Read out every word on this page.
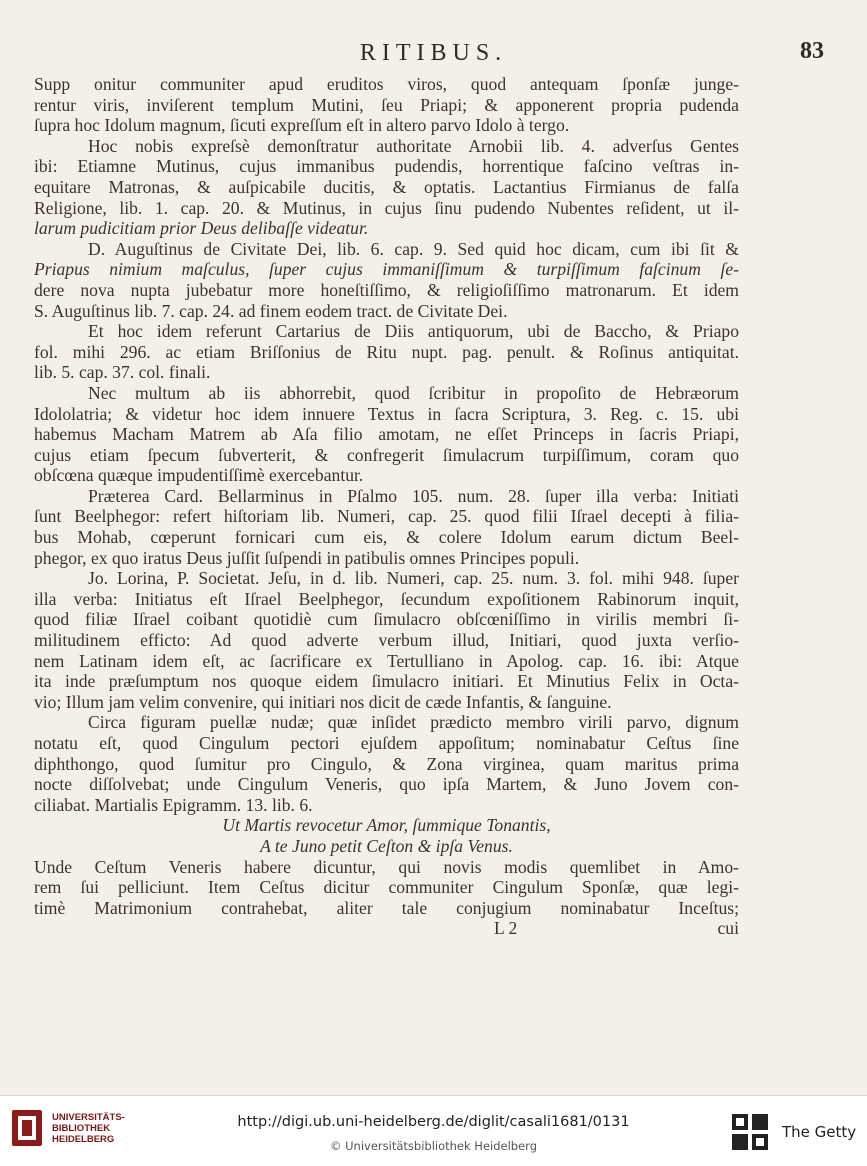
RITIBUS.	83
Supp onitur communiter apud eruditos viros, quod antequam ſponſæ junge-
rentur viris, inviſerent templum Mutini, ſeu Priapi; & apponerent propria pudenda
ſupra hoc Idolum magnum, ſicuti expreſſum eſt in altero parvo Idolo à tergo.
Hoc nobis expreſsè demonſtratur authoritate Arnobii lib. 4. adverſus Gentes
ibi: Etiamne Mutinus, cujus immanibus pudendis, horrentique faſcino veſtras in-
equitare Matronas, & auſpicabile ducitis, & optatis. Lactantius Firmianus de falſa
Religione, lib. 1. cap. 20. & Mutinus, in cujus ſinu pudendo Nubentes reſident, ut il-
larum pudicitiam prior Deus delibaſſe videatur.
D. Auguſtinus de Civitate Dei, lib. 6. cap. 9. Sed quid hoc dicam, cum ibi ſit &
Priapus nimium maſculus, ſuper cujus immaniſſimum & turpiſſimum faſcinum ſe-
dere nova nupta jubebatur more honeſtiſſimo, & religioſiſſimo matronarum. Et idem
S. Auguſtinus lib. 7. cap. 24. ad finem eodem tract. de Civitate Dei.
Et hoc idem referunt Cartarius de Diis antiquorum, ubi de Baccho, & Priapo
fol. mihi 296. ac etiam Briſſonius de Ritu nupt. pag. penult. & Roſinus antiquitat.
lib. 5. cap. 37. col. finali.
Nec multum ab iis abhorrebit, quod ſcribitur in propoſito de Hebræorum
Idololatria; & videtur hoc idem innuere Textus in ſacra Scriptura, 3. Reg. c. 15. ubi
habemus Macham Matrem ab Aſa filio amotam, ne eſſet Princeps in ſacris Priapi,
cujus etiam ſpecum ſubverterit, & confregerit ſimulacrum turpiſſimum, coram quo
obſcœna quæque impudentiſſimè exercebantur.
Præterea Card. Bellarminus in Pſalmo 105. num. 28. ſuper illa verba: Initiati
ſunt Beelphegor: refert hiſtoriam lib. Numeri, cap. 25. quod filii Iſrael decepti à filia-
bus Mohab, cœperunt fornicari cum eis, & colere Idolum earum dictum Beel-
phegor, ex quo iratus Deus juſſit ſuſpendi in patibulis omnes Principes populi.
Jo. Lorina, P. Societat. Jeſu, in d. lib. Numeri, cap. 25. num. 3. fol. mihi 948. ſuper
illa verba: Initiatus eſt Iſrael Beelphegor, ſecundum expoſitionem Rabinorum inquit,
quod filiæ Iſrael coibant quotidiè cum ſimulacro obſcœniſſimo in virilis membri ſi-
militudinem efficto: Ad quod adverte verbum illud, Initiari, quod juxta verſio-
nem Latinam idem eſt, ac ſacrificare ex Tertulliano in Apolog. cap. 16. ibi: Atque
ita inde præſumptum nos quoque eidem ſimulacro initiari. Et Minutius Felix in Octa-
vio; Illum jam velim convenire, qui initiari nos dicit de cæde Infantis, & ſanguine.
Circa figuram puellæ nudæ; quæ inſidet prædicto membro virili parvo, dignum
notatu eſt, quod Cingulum pectori ejuſdem appoſitum; nominabatur Ceſtus ſine
diphthongo, quod ſumitur pro Cingulo, & Zona virginea, quam maritus prima
nocte diſſolvebat; unde Cingulum Veneris, quo ipſa Martem, & Juno Jovem con-
ciliabat. Martialis Epigramm. 13. lib. 6.
Ut Martis revocetur Amor, ſummique Tonantis,
A te Juno petit Ceſton & ipſa Venus.
Unde Ceſtum Veneris habere dicuntur, qui novis modis quemlibet in Amo-
rem ſui pelliciunt. Item Ceſtus dicitur communiter Cingulum Sponſæ, quæ legi-
timè Matrimonium contrahebat, aliter tale conjugium nominabatur Inceſtus;
L 2	cui
UNIVERSITÄTS-
BIBLIOTHEK
HEIDELBERG
http://digi.ub.uni-heidelberg.de/diglit/casali1681/0131
© Universitätsbibliothek Heidelberg
The Getty
